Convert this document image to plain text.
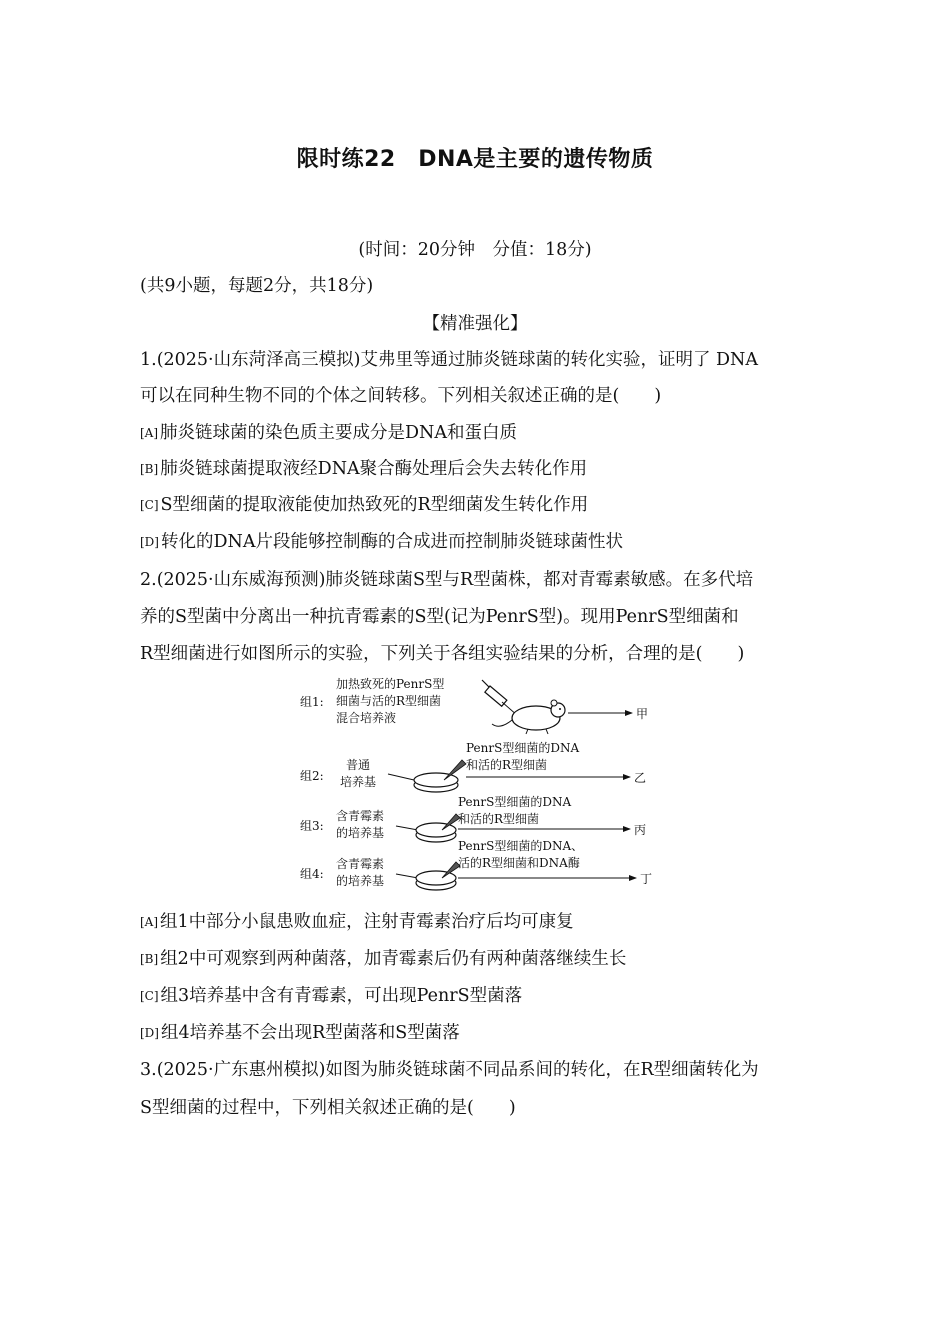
限时练22　DNA是主要的遗传物质
(时间：20分钟　分值：18分)
(共9小题，每题2分，共18分)
【精准强化】
1.(2025·山东菏泽高三模拟)艾弗里等通过肺炎链球菌的转化实验，证明了 DNA
可以在同种生物不同的个体之间转移。下列相关叙述正确的是(　　)
[A] 肺炎链球菌的染色质主要成分是DNA和蛋白质
[B] 肺炎链球菌提取液经DNA聚合酶处理后会失去转化作用
[C] S型细菌的提取液能使加热致死的R型细菌发生转化作用
[D] 转化的DNA片段能够控制酶的合成进而控制肺炎链球菌性状
2.(2025·山东威海预测)肺炎链球菌S型与R型菌株，都对青霉素敏感。在多代培
养的S型菌中分离出一种抗青霉素的S型(记为PenrS型)。现用PenrS型细菌和
R型细菌进行如图所示的实验，下列关于各组实验结果的分析，合理的是(　　)
组1:
加热致死的PenrS型
细菌与活的R型细菌
混合培养液	甲
组2:
普通
培养基
PenrS型细菌的DNA
和活的R型细菌
乙
组3:
含青霉素
的培养基
PenrS型细菌的DNA
和活的R型细菌
丙
组4:
含青霉素
的培养基
PenrS型细菌的DNA、
活的R型细菌和DNA酶
丁
[A] 组1中部分小鼠患败血症，注射青霉素治疗后均可康复
[B] 组2中可观察到两种菌落，加青霉素后仍有两种菌落继续生长
[C] 组3培养基中含有青霉素，可出现PenrS型菌落
[D] 组4培养基不会出现R型菌落和S型菌落
3.(2025·广东惠州模拟)如图为肺炎链球菌不同品系间的转化，在R型细菌转化为
S型细菌的过程中，下列相关叙述正确的是(　　)
